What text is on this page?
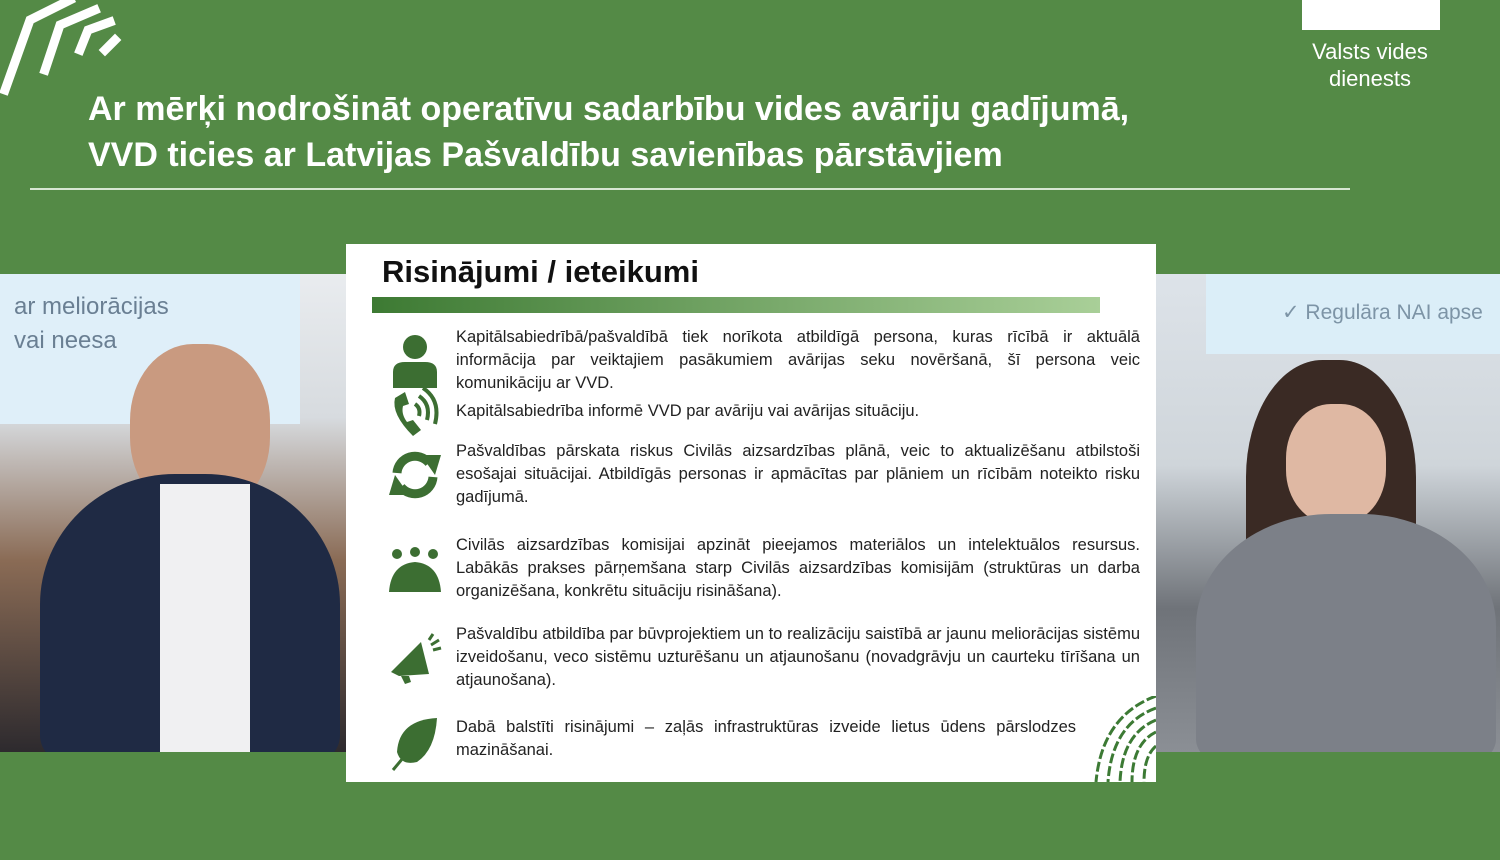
Valsts vides
dienests
Ar mērķi nodrošināt operatīvu sadarbību vides avāriju gadījumā,
VVD ticies ar Latvijas Pašvaldību savienības pārstāvjiem
ar meliorācijas
vai neesa
✓ Regulāra NAI apse
Risinājumi / ieteikumi
Kapitālsabiedrībā/pašvaldībā tiek norīkota atbildīgā persona, kuras rīcībā ir aktuālā informācija par veiktajiem pasākumiem avārijas seku novēršanā, šī persona veic komunikāciju ar VVD.
Kapitālsabiedrība informē VVD par avāriju vai avārijas situāciju.
Pašvaldības pārskata riskus Civilās aizsardzības plānā, veic to aktualizēšanu atbilstoši esošajai situācijai. Atbildīgās personas ir apmācītas par plāniem un rīcībām noteikto risku gadījumā.
Civilās aizsardzības komisijai apzināt pieejamos materiālos un intelektuālos resursus. Labākās prakses pārņemšana starp Civilās aizsardzības komisijām (struktūras un darba organizēšana, konkrētu situāciju risināšana).
Pašvaldību atbildība par būvprojektiem un to realizāciju saistībā ar jaunu meliorācijas sistēmu izveidošanu, veco sistēmu uzturēšanu un atjaunošanu (novadgrāvju un caurteku tīrīšana un atjaunošana).
Dabā balstīti risinājumi – zaļās infrastruktūras izveide lietus ūdens pārslodzes mazināšanai.
